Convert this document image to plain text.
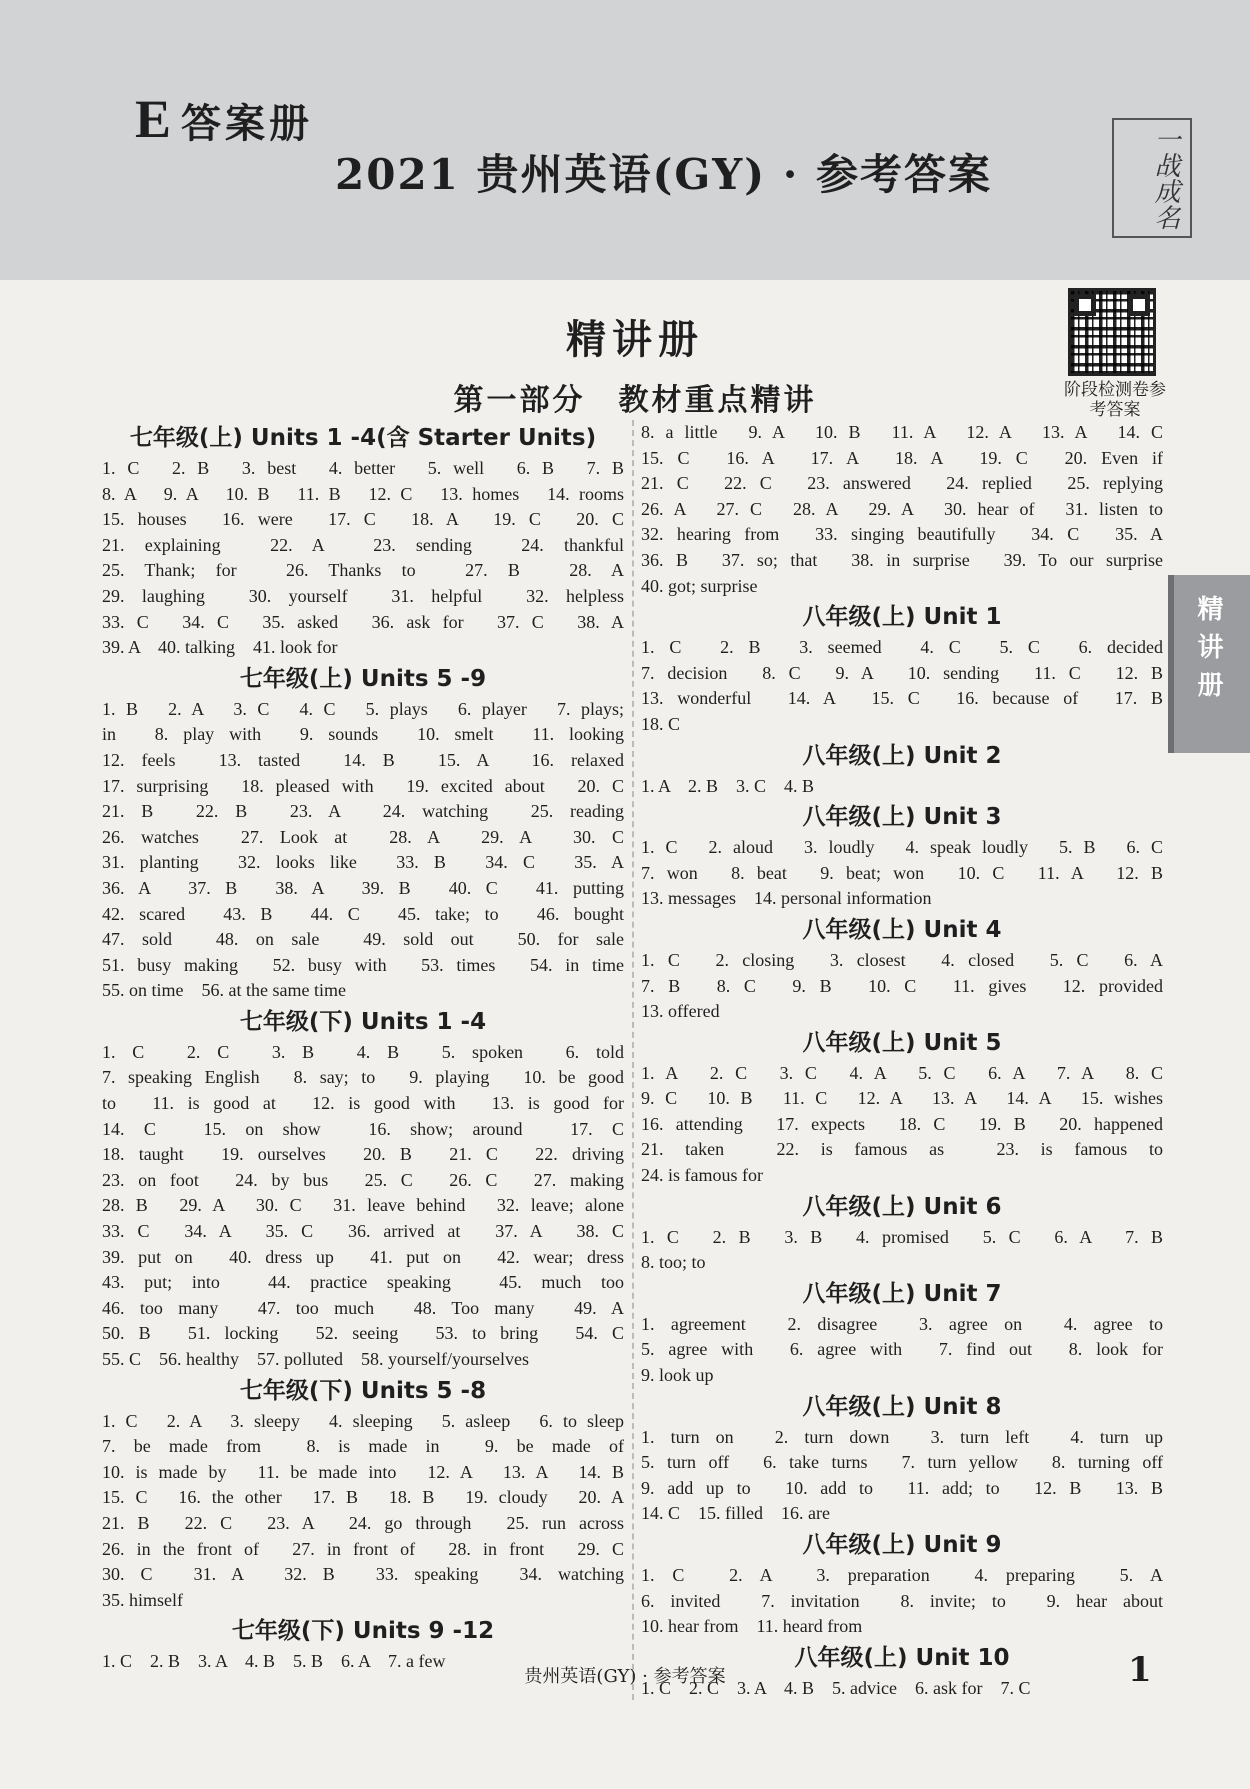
E 答案册
2021 贵州英语(GY) · 参考答案	一战成名
阶段检测卷参考答案
精讲册
第一部分　教材重点精讲
精讲册
七年级(上) Units 1 -4(含 Starter Units)
1. C　2. B　3. best　4. better　5. well　6. B　7. B
8. A　9. A　10. B　11. B　12. C　13. homes　14. rooms
15. houses　16. were　17. C　18. A　19. C　20. C
21. explaining　22. A　23. sending　24. thankful
25. Thank; for　26. Thanks to　27. B　28. A
29. laughing　30. yourself　31. helpful　32. helpless
33. C　34. C　35. asked　36. ask for　37. C　38. A
39. A　40. talking　41. look for
七年级(上) Units 5 -9
1. B　2. A　3. C　4. C　5. plays　6. player　7. plays;
in　8. play with　9. sounds　10. smelt　11. looking
12. feels　13. tasted　14. B　15. A　16. relaxed
17. surprising　18. pleased with　19. excited about　20. C
21. B　22. B　23. A　24. watching　25. reading
26. watches　27. Look at　28. A　29. A　30. C
31. planting　32. looks like　33. B　34. C　35. A
36. A　37. B　38. A　39. B　40. C　41. putting
42. scared　43. B　44. C　45. take; to　46. bought
47. sold　48. on sale　49. sold out　50. for sale
51. busy making　52. busy with　53. times　54. in time
55. on time　56. at the same time
七年级(下) Units 1 -4
1. C　2. C　3. B　4. B　5. spoken　6. told
7. speaking English　8. say; to　9. playing　10. be good
to　11. is good at　12. is good with　13. is good for
14. C　15. on show　16. show; around　17. C
18. taught　19. ourselves　20. B　21. C　22. driving
23. on foot　24. by bus　25. C　26. C　27. making
28. B　29. A　30. C　31. leave behind　32. leave; alone
33. C　34. A　35. C　36. arrived at　37. A　38. C
39. put on　40. dress up　41. put on　42. wear; dress
43. put; into　44. practice speaking　45. much too
46. too many　47. too much　48. Too many　49. A
50. B　51. locking　52. seeing　53. to bring　54. C
55. C　56. healthy　57. polluted　58. yourself/yourselves
七年级(下) Units 5 -8
1. C　2. A　3. sleepy　4. sleeping　5. asleep　6. to sleep
7. be made from　8. is made in　9. be made of
10. is made by　11. be made into　12. A　13. A　14. B
15. C　16. the other　17. B　18. B　19. cloudy　20. A
21. B　22. C　23. A　24. go through　25. run across
26. in the front of　27. in front of　28. in front　29. C
30. C　31. A　32. B　33. speaking　34. watching
35. himself
七年级(下) Units 9 -12
1. C　2. B　3. A　4. B　5. B　6. A　7. a few
8. a little　9. A　10. B　11. A　12. A　13. A　14. C
15. C　16. A　17. A　18. A　19. C　20. Even if
21. C　22. C　23. answered　24. replied　25. replying
26. A　27. C　28. A　29. A　30. hear of　31. listen to
32. hearing from　33. singing beautifully　34. C　35. A
36. B　37. so; that　38. in surprise　39. To our surprise
40. got; surprise
八年级(上) Unit 1
1. C　2. B　3. seemed　4. C　5. C　6. decided
7. decision　8. C　9. A　10. sending　11. C　12. B
13. wonderful　14. A　15. C　16. because of　17. B
18. C
八年级(上) Unit 2
1. A　2. B　3. C　4. B
八年级(上) Unit 3
1. C　2. aloud　3. loudly　4. speak loudly　5. B　6. C
7. won　8. beat　9. beat; won　10. C　11. A　12. B
13. messages　14. personal information
八年级(上) Unit 4
1. C　2. closing　3. closest　4. closed　5. C　6. A
7. B　8. C　9. B　10. C　11. gives　12. provided
13. offered
八年级(上) Unit 5
1. A　2. C　3. C　4. A　5. C　6. A　7. A　8. C
9. C　10. B　11. C　12. A　13. A　14. A　15. wishes
16. attending　17. expects　18. C　19. B　20. happened
21. taken　22. is famous as　23. is famous to
24. is famous for
八年级(上) Unit 6
1. C　2. B　3. B　4. promised　5. C　6. A　7. B
8. too; to
八年级(上) Unit 7
1. agreement　2. disagree　3. agree on　4. agree to
5. agree with　6. agree with　7. find out　8. look for
9. look up
八年级(上) Unit 8
1. turn on　2. turn down　3. turn left　4. turn up
5. turn off　6. take turns　7. turn yellow　8. turning off
9. add up to　10. add to　11. add; to　12. B　13. B
14. C　15. filled　16. are
八年级(上) Unit 9
1. C　2. A　3. preparation　4. preparing　5. A
6. invited　7. invitation　8. invite; to　9. hear about
10. hear from　11. heard from
八年级(上) Unit 10
1. C　2. C　3. A　4. B　5. advice　6. ask for　7. C
贵州英语(GY) · 参考答案	1
